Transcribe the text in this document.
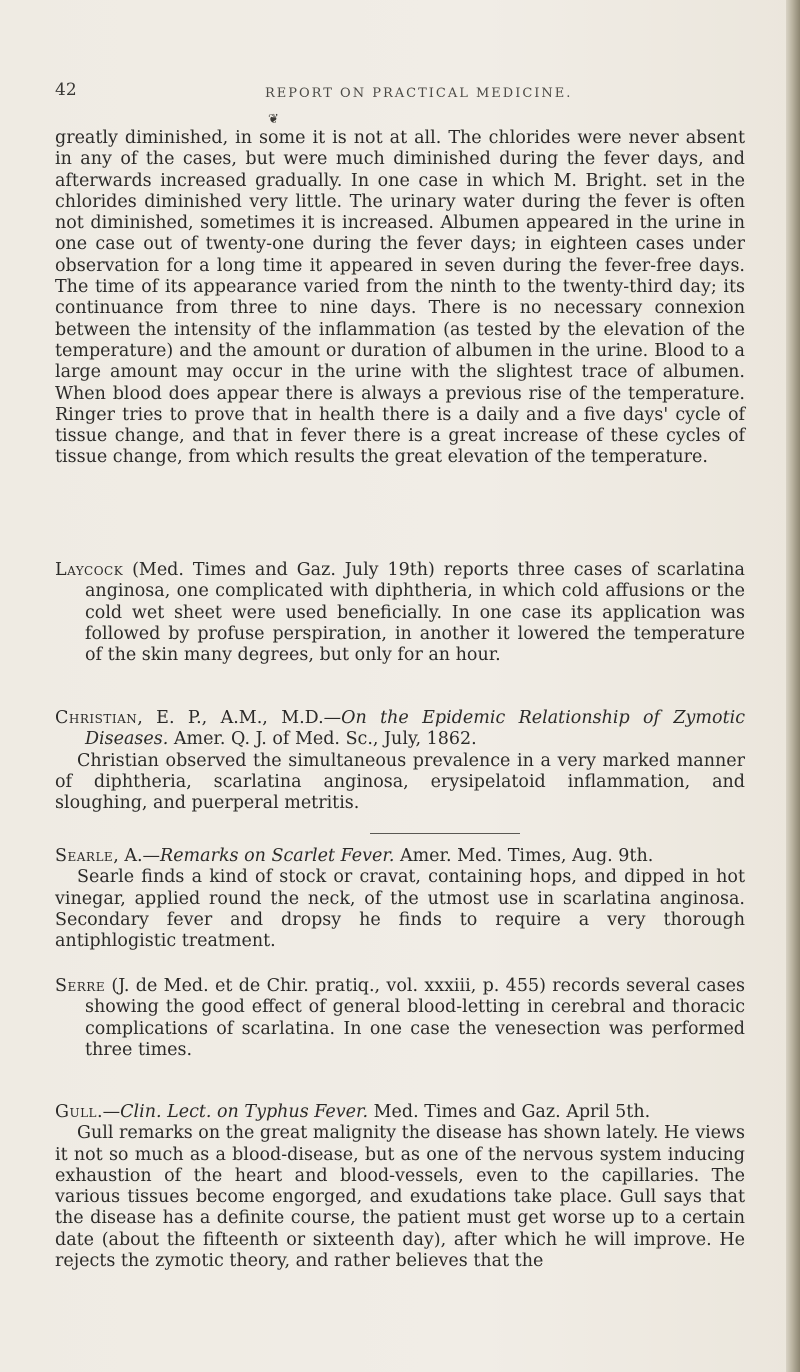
42	REPORT ON PRACTICAL MEDICINE.
❦

greatly diminished, in some it is not at all. The chlorides were never absent in any of the cases, but were much diminished during the fever days, and afterwards increased gradually. In one case in which M. Bright. set in the chlorides diminished very little. The urinary water during the fever is often not diminished, sometimes it is increased. Albumen appeared in the urine in one case out of twenty-one during the fever days; in eighteen cases under observation for a long time it appeared in seven during the fever-free days. The time of its appearance varied from the ninth to the twenty-third day; its continuance from three to nine days. There is no necessary connexion between the intensity of the inflammation (as tested by the elevation of the temperature) and the amount or duration of albumen in the urine. Blood to a large amount may occur in the urine with the slightest trace of albumen. When blood does appear there is always a previous rise of the temperature. Ringer tries to prove that in health there is a daily and a five days' cycle of tissue change, and that in fever there is a great increase of these cycles of tissue change, from which results the great elevation of the temperature.

Laycock (Med. Times and Gaz. July 19th) reports three cases of scarlatina anginosa, one complicated with diphtheria, in which cold affusions or the cold wet sheet were used beneficially. In one case its application was followed by profuse perspiration, in another it lowered the temperature of the skin many degrees, but only for an hour.

Christian, E. P., A.M., M.D.—On the Epidemic Relationship of Zymotic Diseases. Amer. Q. J. of Med. Sc., July, 1862.

Christian observed the simultaneous prevalence in a very marked manner of diphtheria, scarlatina anginosa, erysipelatoid inflammation, and sloughing, and puerperal metritis.

Searle, A.—Remarks on Scarlet Fever. Amer. Med. Times, Aug. 9th.

Searle finds a kind of stock or cravat, containing hops, and dipped in hot vinegar, applied round the neck, of the utmost use in scarlatina anginosa. Secondary fever and dropsy he finds to require a very thorough antiphlogistic treatment.

Serre (J. de Med. et de Chir. pratiq., vol. xxxiii, p. 455) records several cases showing the good effect of general blood-letting in cerebral and thoracic complications of scarlatina. In one case the venesection was performed three times.

Gull.—Clin. Lect. on Typhus Fever. Med. Times and Gaz. April 5th.

Gull remarks on the great malignity the disease has shown lately. He views it not so much as a blood-disease, but as one of the nervous system inducing exhaustion of the heart and blood-vessels, even to the capillaries. The various tissues become engorged, and exudations take place. Gull says that the disease has a definite course, the patient must get worse up to a certain date (about the fifteenth or sixteenth day), after which he will improve. He rejects the zymotic theory, and rather believes that the
